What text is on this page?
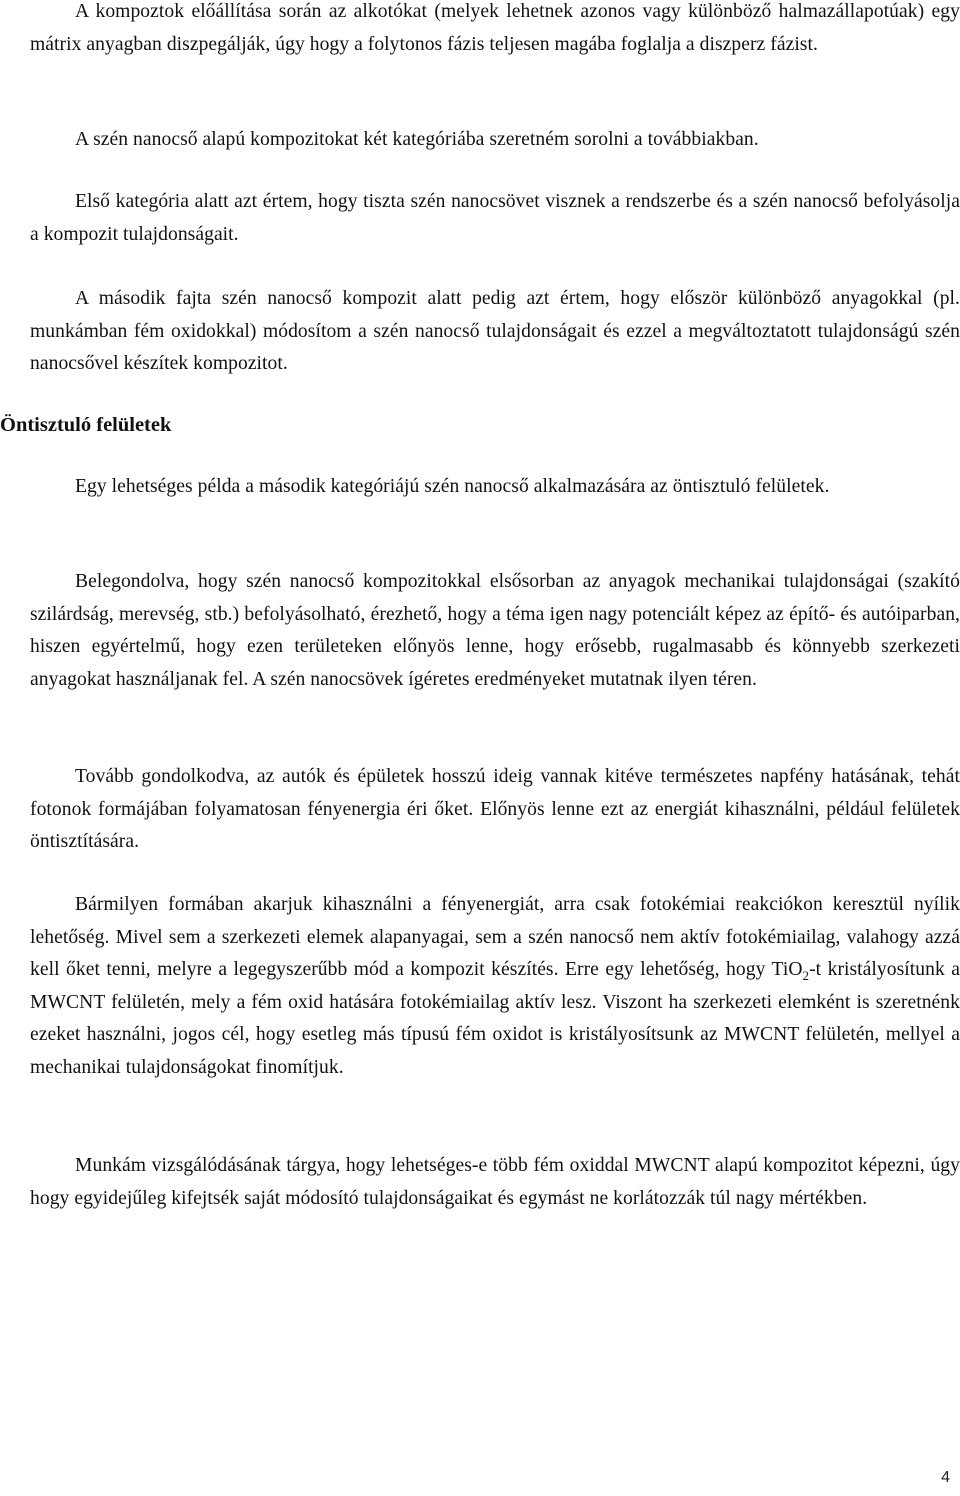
A kompoztok előállítása során az alkotókat (melyek lehetnek azonos vagy különböző halmazállapotúak) egy mátrix anyagban diszpegálják, úgy hogy a folytonos fázis teljesen magába foglalja a diszperz fázist.

A szén nanocső alapú kompozitokat két kategóriába szeretném sorolni a továbbiakban.

Első kategória alatt azt értem, hogy tiszta szén nanocsövet visznek a rendszerbe és a szén nanocső befolyásolja a kompozit tulajdonságait.

A második fajta szén nanocső kompozit alatt pedig azt értem, hogy először különböző anyagokkal (pl. munkámban fém oxidokkal) módosítom a szén nanocső tulajdonságait és ezzel a megváltoztatott tulajdonságú szén nanocsővel készítek kompozitot.

Öntisztuló felületek

Egy lehetséges példa a második kategóriájú szén nanocső alkalmazására az öntisztuló felületek.

Belegondolva, hogy szén nanocső kompozitokkal elsősorban az anyagok mechanikai tulajdonságai (szakító szilárdság, merevség, stb.) befolyásolható, érezhető, hogy a téma igen nagy potenciált képez az építő- és autóiparban, hiszen egyértelmű, hogy ezen területeken előnyös lenne, hogy erősebb, rugalmasabb és könnyebb szerkezeti anyagokat használjanak fel. A szén nanocsövek ígéretes eredményeket mutatnak ilyen téren.

Tovább gondolkodva, az autók és épületek hosszú ideig vannak kitéve természetes napfény hatásának, tehát fotonok formájában folyamatosan fényenergia éri őket. Előnyös lenne ezt az energiát kihasználni, például felületek öntisztítására.

Bármilyen formában akarjuk kihasználni a fényenergiát, arra csak fotokémiai reakciókon keresztül nyílik lehetőség. Mivel sem a szerkezeti elemek alapanyagai, sem a szén nanocső nem aktív fotokémiailag, valahogy azzá kell őket tenni, melyre a legegyszerűbb mód a kompozit készítés. Erre egy lehetőség, hogy TiO$_2$-t kristályosítunk a MWCNT felületén, mely a fém oxid hatására fotokémiailag aktív lesz. Viszont ha szerkezeti elemként is szeretnénk ezeket használni, jogos cél, hogy esetleg más típusú fém oxidot is kristályosítsunk az MWCNT felületén, mellyel a mechanikai tulajdonságokat finomítjuk.

Munkám vizsgálódásának tárgya, hogy lehetséges-e több fém oxiddal MWCNT alapú kompozitot képezni, úgy hogy egyidejűleg kifejtsék saját módosító tulajdonságaikat és egymást ne korlátozzák túl nagy mértékben.

4
